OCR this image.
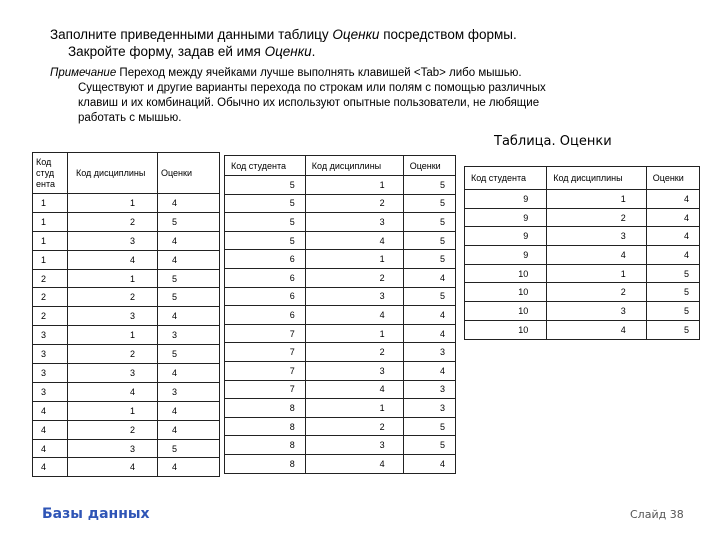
Заполните приведенными данными таблицу Оценки посредством формы.
Закройте форму, задав ей имя Оценки.
Примечание Переход между ячейками лучше выполнять клавишей <Tab> либо мышью.
Существуют и другие варианты перехода по строкам или полям с помощью различных
клавиш и их комбинаций. Обычно их используют опытные пользователи, не любящие
работать с мышью.
Таблица. Оценки
Код студ ента	Код дисциплины	Оценки
1	1	4
1	2	5
1	3	4
1	4	4
2	1	5
2	2	5
2	3	4
3	1	3
3	2	5
3	3	4
3	4	3
4	1	4
4	2	4
4	3	5
4	4	4
Код студента	Код дисциплины	Оценки
5	1	5
5	2	5
5	3	5
5	4	5
6	1	5
6	2	4
6	3	5
6	4	4
7	1	4
7	2	3
7	3	4
7	4	3
8	1	3
8	2	5
8	3	5
8	4	4
Код студента	Код дисциплины	Оценки
9	1	4
9	2	4
9	3	4
9	4	4
10	1	5
10	2	5
10	3	5
10	4	5
Базы данных	Слайд 38
